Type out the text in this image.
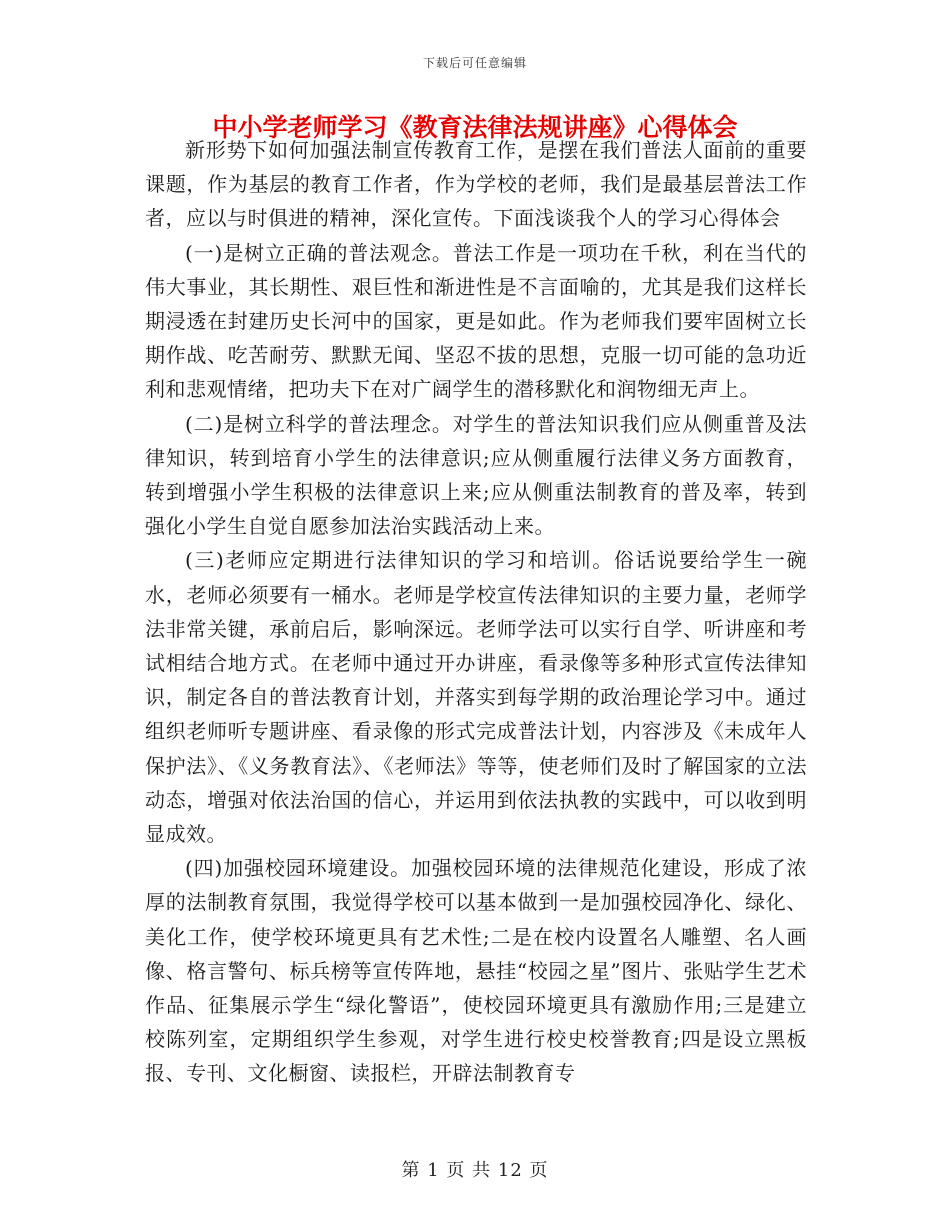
下载后可任意编辑
中小学老师学习《教育法律法规讲座》心得体会

新形势下如何加强法制宣传教育工作，是摆在我们普法人面前的重要课题，作为基层的教育工作者，作为学校的老师，我们是最基层普法工作者，应以与时俱进的精神，深化宣传。下面浅谈我个人的学习心得体会

(一)是树立正确的普法观念。普法工作是一项功在千秋，利在当代的伟大事业，其长期性、艰巨性和渐进性是不言面喻的，尤其是我们这样长期浸透在封建历史长河中的国家，更是如此。作为老师我们要牢固树立长期作战、吃苦耐劳、默默无闻、坚忍不拔的思想，克服一切可能的急功近利和悲观情绪，把功夫下在对广阔学生的潜移默化和润物细无声上。

(二)是树立科学的普法理念。对学生的普法知识我们应从侧重普及法律知识，转到培育小学生的法律意识;应从侧重履行法律义务方面教育，转到增强小学生积极的法律意识上来;应从侧重法制教育的普及率，转到强化小学生自觉自愿参加法治实践活动上来。

(三)老师应定期进行法律知识的学习和培训。俗话说要给学生一碗水，老师必须要有一桶水。老师是学校宣传法律知识的主要力量，老师学法非常关键，承前启后，影响深远。老师学法可以实行自学、听讲座和考试相结合地方式。在老师中通过开办讲座，看录像等多种形式宣传法律知识，制定各自的普法教育计划，并落实到每学期的政治理论学习中。通过组织老师听专题讲座、看录像的形式完成普法计划，内容涉及《未成年人保护法》、《义务教育法》、《老师法》等等，使老师们及时了解国家的立法动态，增强对依法治国的信心，并运用到依法执教的实践中，可以收到明显成效。

(四)加强校园环境建设。加强校园环境的法律规范化建设，形成了浓厚的法制教育氛围，我觉得学校可以基本做到一是加强校园净化、绿化、美化工作，使学校环境更具有艺术性;二是在校内设置名人雕塑、名人画像、格言警句、标兵榜等宣传阵地，悬挂“校园之星”图片、张贴学生艺术作品、征集展示学生“绿化警语”，使校园环境更具有激励作用;三是建立校陈列室，定期组织学生参观，对学生进行校史校誉教育;四是设立黑板报、专刊、文化橱窗、读报栏，开辟法制教育专

第 1 页 共 12 页
